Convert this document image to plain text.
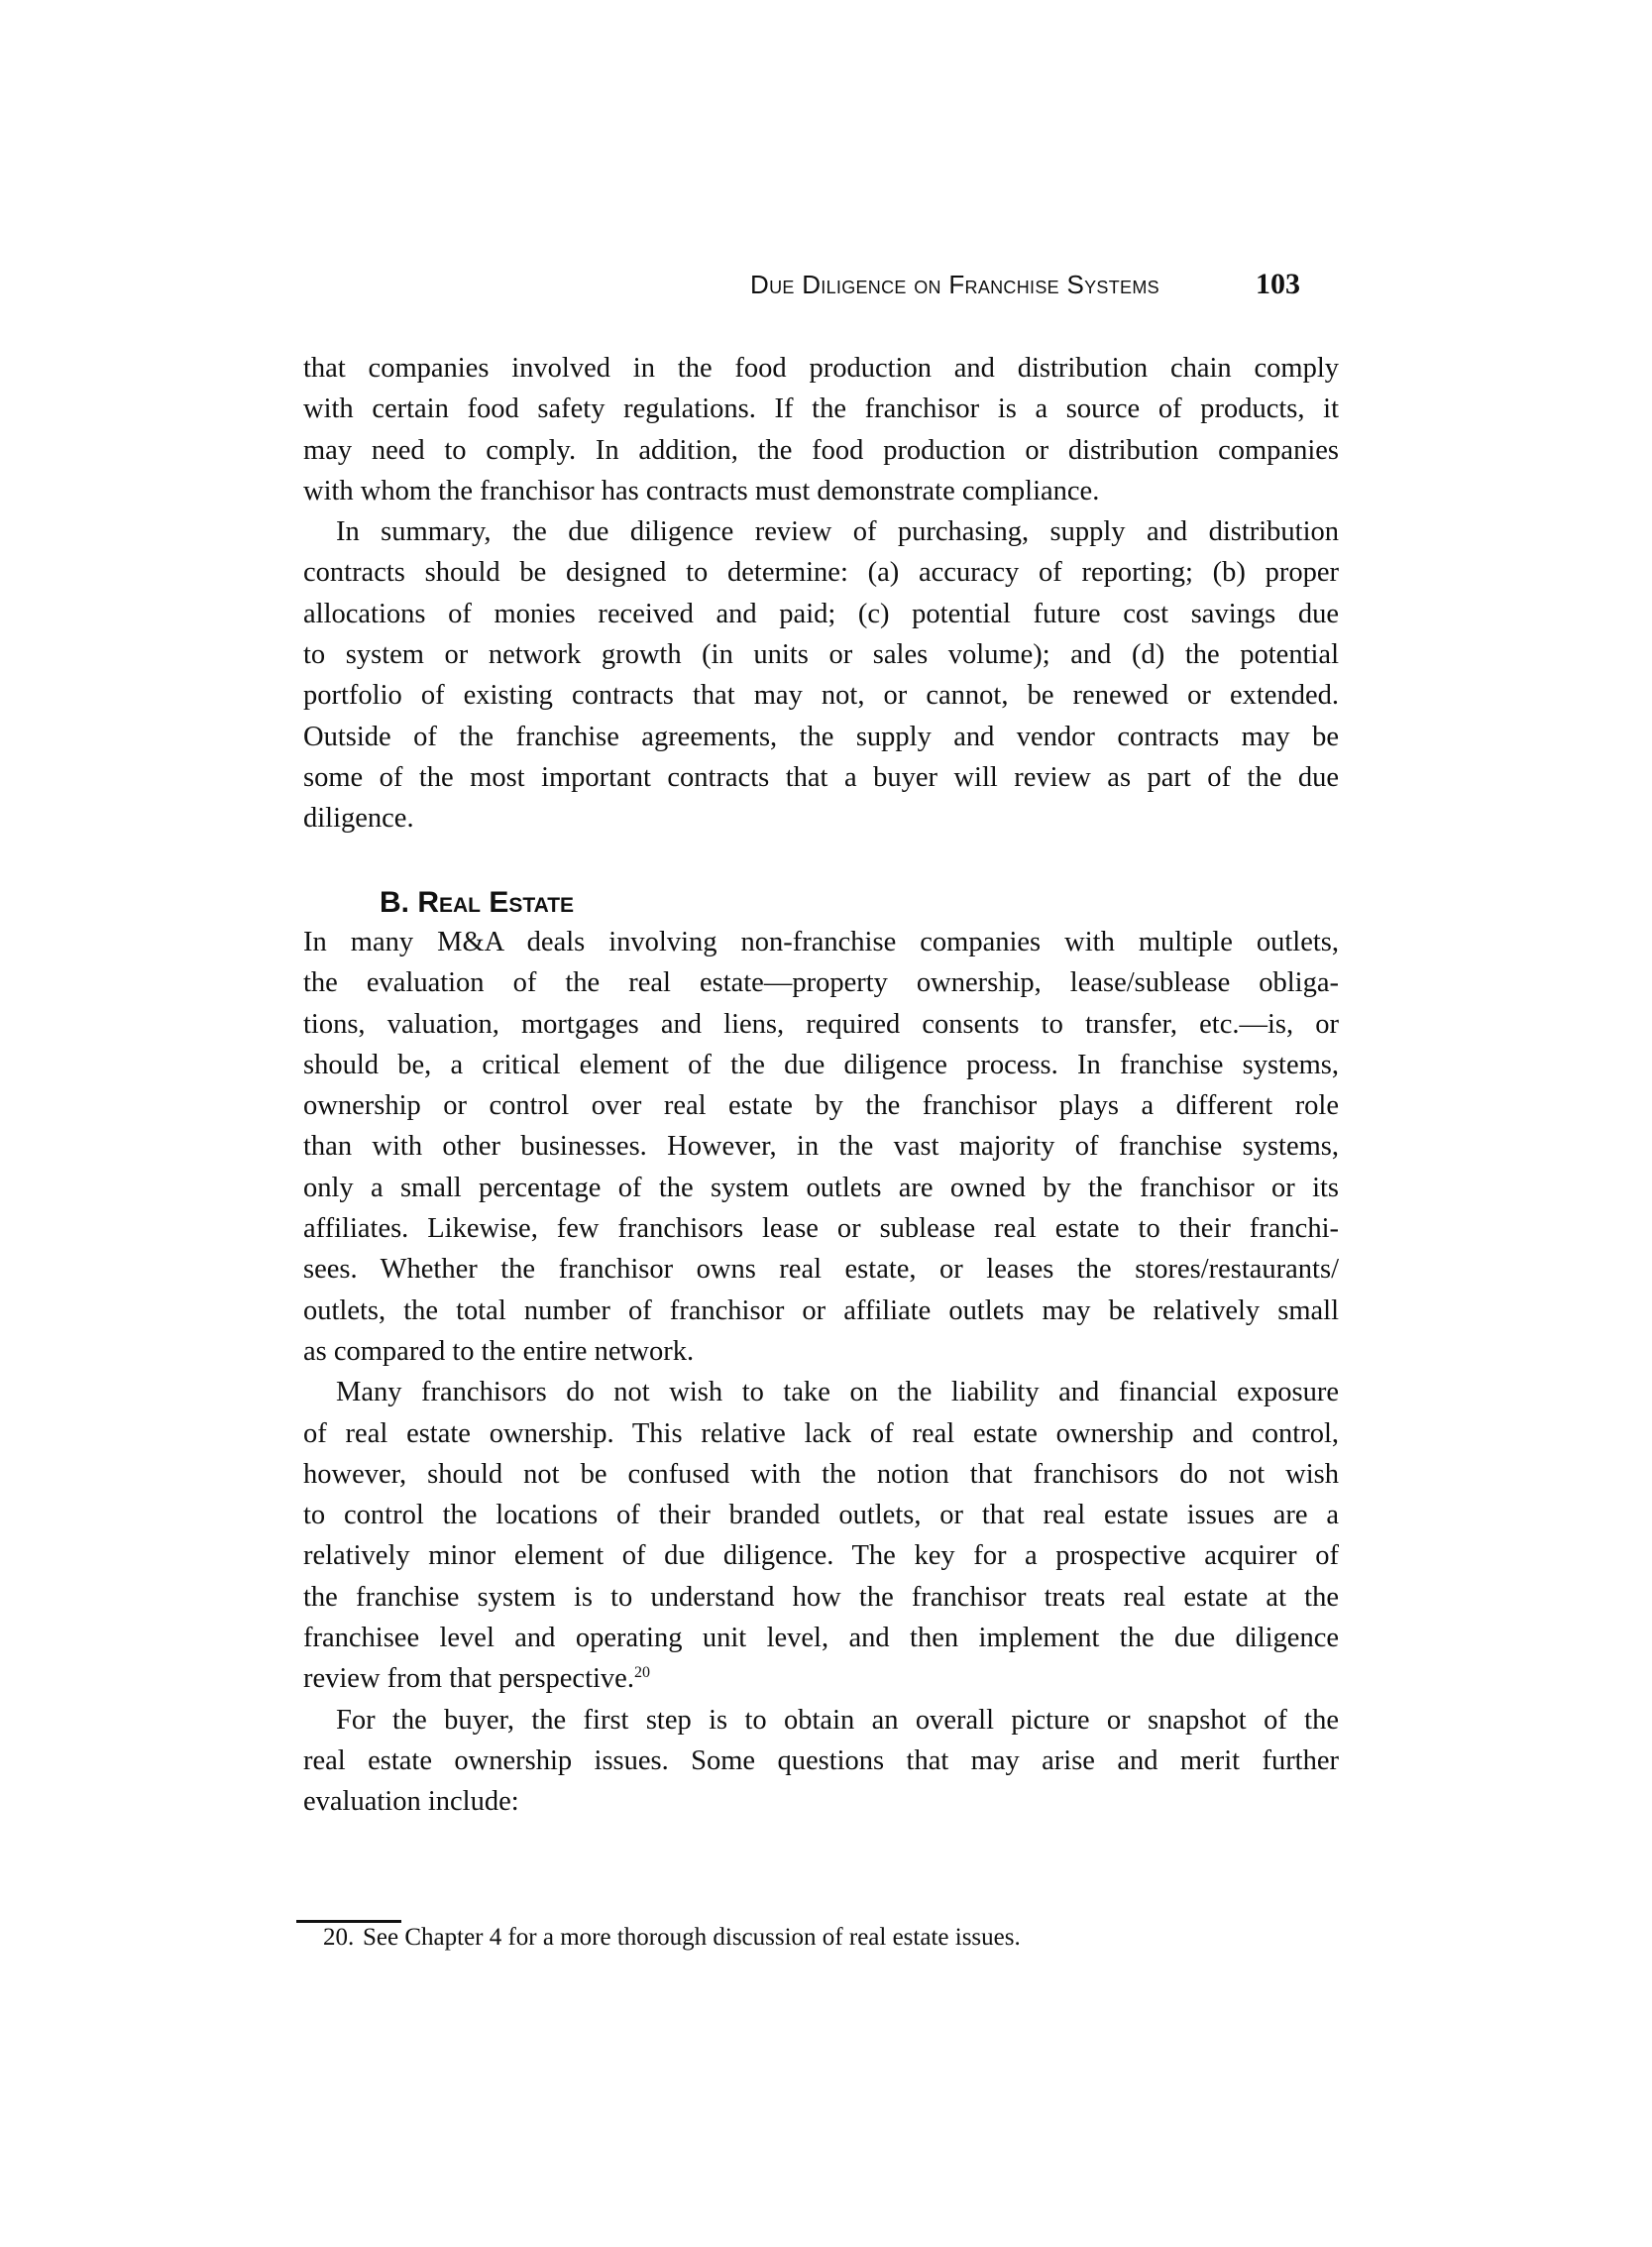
Due Diligence on Franchise Systems	103
that companies involved in the food production and distribution chain comply
with certain food safety regulations. If the franchisor is a source of products, it
may need to comply. In addition, the food production or distribution companies
with whom the franchisor has contracts must demonstrate compliance.
In summary, the due diligence review of purchasing, supply and distribution
contracts should be designed to determine: (a) accuracy of reporting; (b) proper
allocations of monies received and paid; (c) potential future cost savings due
to system or network growth (in units or sales volume); and (d) the potential
portfolio of existing contracts that may not, or cannot, be renewed or extended.
Outside of the franchise agreements, the supply and vendor contracts may be
some of the most important contracts that a buyer will review as part of the due
diligence.
B. Real Estate
In many M&A deals involving non-franchise companies with multiple outlets,
the evaluation of the real estate—property ownership, lease/sublease obliga-
tions, valuation, mortgages and liens, required consents to transfer, etc.—is, or
should be, a critical element of the due diligence process. In franchise systems,
ownership or control over real estate by the franchisor plays a different role
than with other businesses. However, in the vast majority of franchise systems,
only a small percentage of the system outlets are owned by the franchisor or its
affiliates. Likewise, few franchisors lease or sublease real estate to their franchi-
sees. Whether the franchisor owns real estate, or leases the stores/restaurants/
outlets, the total number of franchisor or affiliate outlets may be relatively small
as compared to the entire network.
Many franchisors do not wish to take on the liability and financial exposure
of real estate ownership. This relative lack of real estate ownership and control,
however, should not be confused with the notion that franchisors do not wish
to control the locations of their branded outlets, or that real estate issues are a
relatively minor element of due diligence. The key for a prospective acquirer of
the franchise system is to understand how the franchisor treats real estate at the
franchisee level and operating unit level, and then implement the due diligence
review from that perspective.$^{20}$
For the buyer, the first step is to obtain an overall picture or snapshot of the
real estate ownership issues. Some questions that may arise and merit further
evaluation include:
20. See Chapter 4 for a more thorough discussion of real estate issues.
